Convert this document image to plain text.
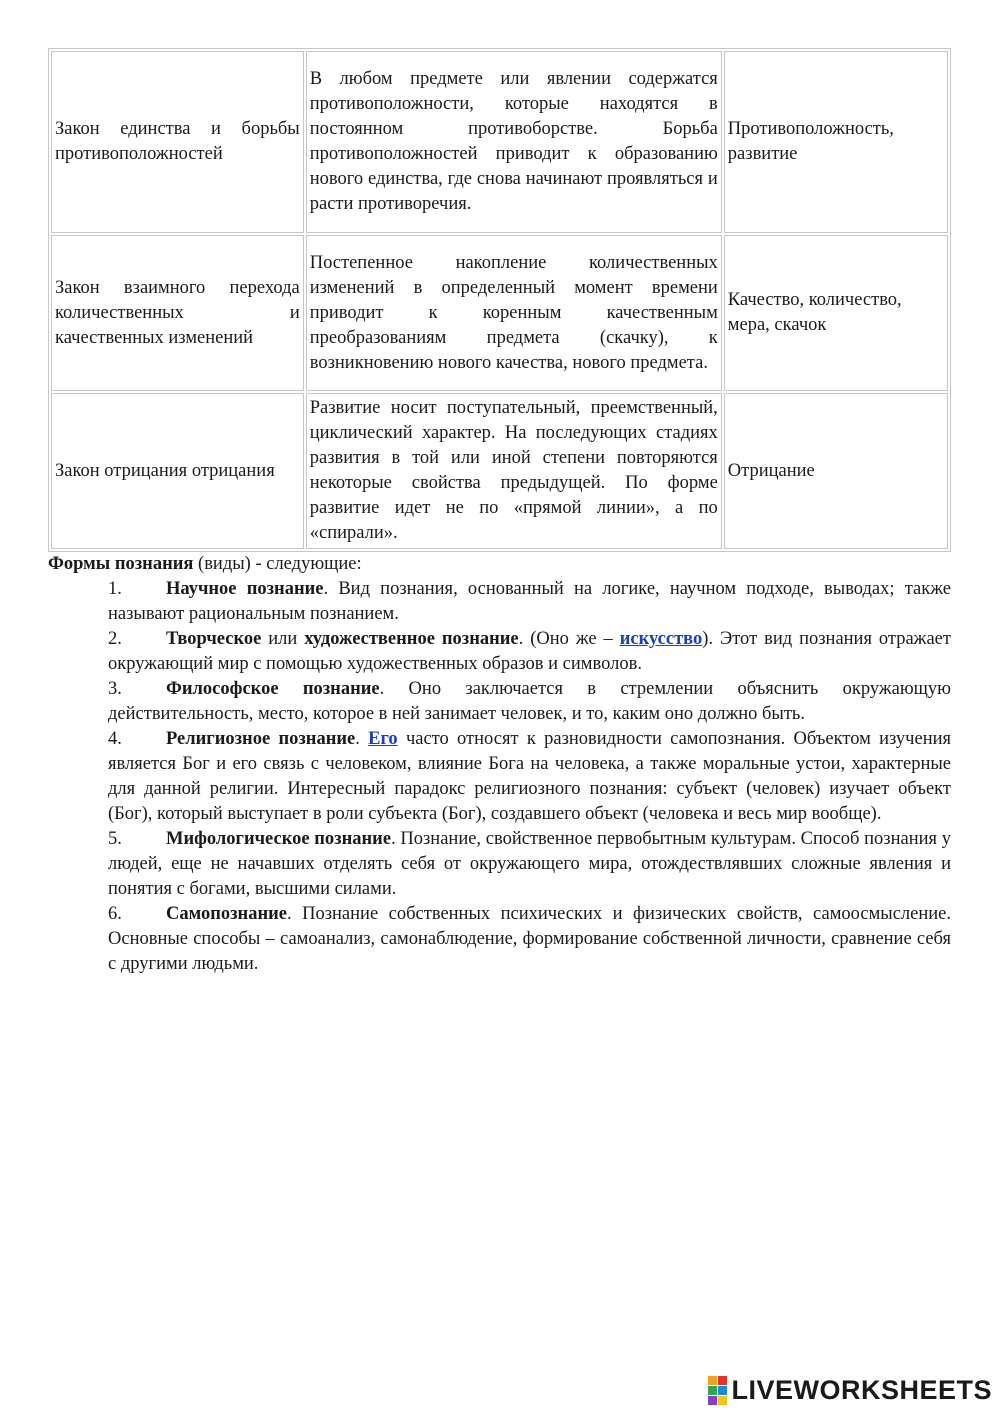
Закон единства и борьбы противоположностей	В любом предмете или явлении содержатся противоположности, которые находятся в постоянном противоборстве. Борьба противоположностей приводит к образованию нового единства, где снова начинают проявляться и расти противоречия.	Противоположность, развитие
Закон взаимного перехода количественных и качественных изменений	Постепенное накопление количественных изменений в определенный момент времени приводит к коренным качественным преобразованиям предмета (скачку), к возникновению нового качества, нового предмета.	Качество, количество, мера, скачок
Закон отрицания отрицания	Развитие носит поступательный, преемственный, циклический характер. На последующих стадиях развития в той или иной степени повторяются некоторые свойства предыдущей. По форме развитие идет не по «прямой линии», а по «спирали».	Отрицание

Формы познания (виды) - следующие:

1. Научное познание. Вид познания, основанный на логике, научном подходе, выводах; также называют рациональным познанием.
2. Творческое или художественное познание. (Оно же – искусство). Этот вид познания отражает окружающий мир с помощью художественных образов и символов.
3. Философское познание. Оно заключается в стремлении объяснить окружающую действительность, место, которое в ней занимает человек, и то, каким оно должно быть.
4. Религиозное познание. Его часто относят к разновидности самопознания. Объектом изучения является Бог и его связь с человеком, влияние Бога на человека, а также моральные устои, характерные для данной религии. Интересный парадокс религиозного познания: субъект (человек) изучает объект (Бог), который выступает в роли субъекта (Бог), создавшего объект (человека и весь мир вообще).
5. Мифологическое познание. Познание, свойственное первобытным культурам. Способ познания у людей, еще не начавших отделять себя от окружающего мира, отождествлявших сложные явления и понятия с богами, высшими силами.
6. Самопознание. Познание собственных психических и физических свойств, самоосмысление. Основные способы – самоанализ, самонаблюдение, формирование собственной личности, сравнение себя с другими людьми.
LIVEWORKSHEETS
